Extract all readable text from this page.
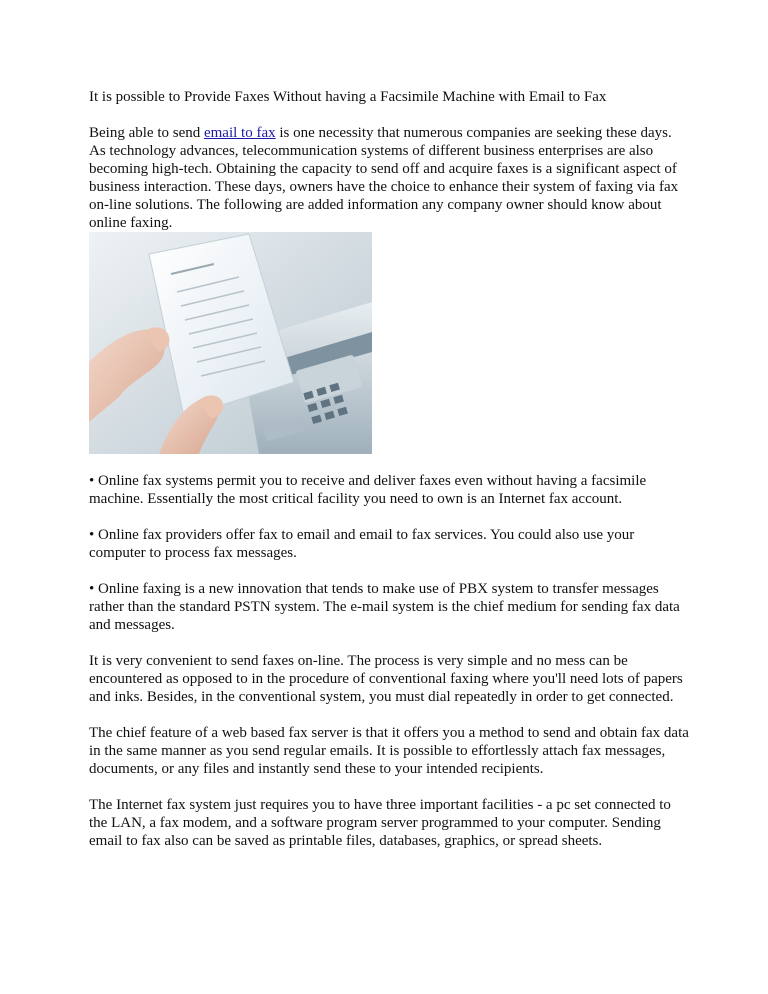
It is possible to Provide Faxes Without having a Facsimile Machine with Email to Fax

Being able to send email to fax is one necessity that numerous companies are seeking these days. As technology advances, telecommunication systems of different business enterprises are also becoming high-tech. Obtaining the capacity to send off and acquire faxes is a significant aspect of business interaction. These days, owners have the choice to enhance their system of faxing via fax on-line solutions. The following are added information any company owner should know about online faxing.

• Online fax systems permit you to receive and deliver faxes even without having a facsimile machine. Essentially the most critical facility you need to own is an Internet fax account.

• Online fax providers offer fax to email and email to fax services. You could also use your computer to process fax messages.

• Online faxing is a new innovation that tends to make use of PBX system to transfer messages rather than the standard PSTN system. The e-mail system is the chief medium for sending fax data and messages.

It is very convenient to send faxes on-line. The process is very simple and no mess can be encountered as opposed to in the procedure of conventional faxing where you'll need lots of papers and inks. Besides, in the conventional system, you must dial repeatedly in order to get connected.

The chief feature of a web based fax server is that it offers you a method to send and obtain fax data in the same manner as you send regular emails. It is possible to effortlessly attach fax messages, documents, or any files and instantly send these to your intended recipients.

The Internet fax system just requires you to have three important facilities - a pc set connected to the LAN, a fax modem, and a software program server programmed to your computer. Sending email to fax also can be saved as printable files, databases, graphics, or spread sheets.
